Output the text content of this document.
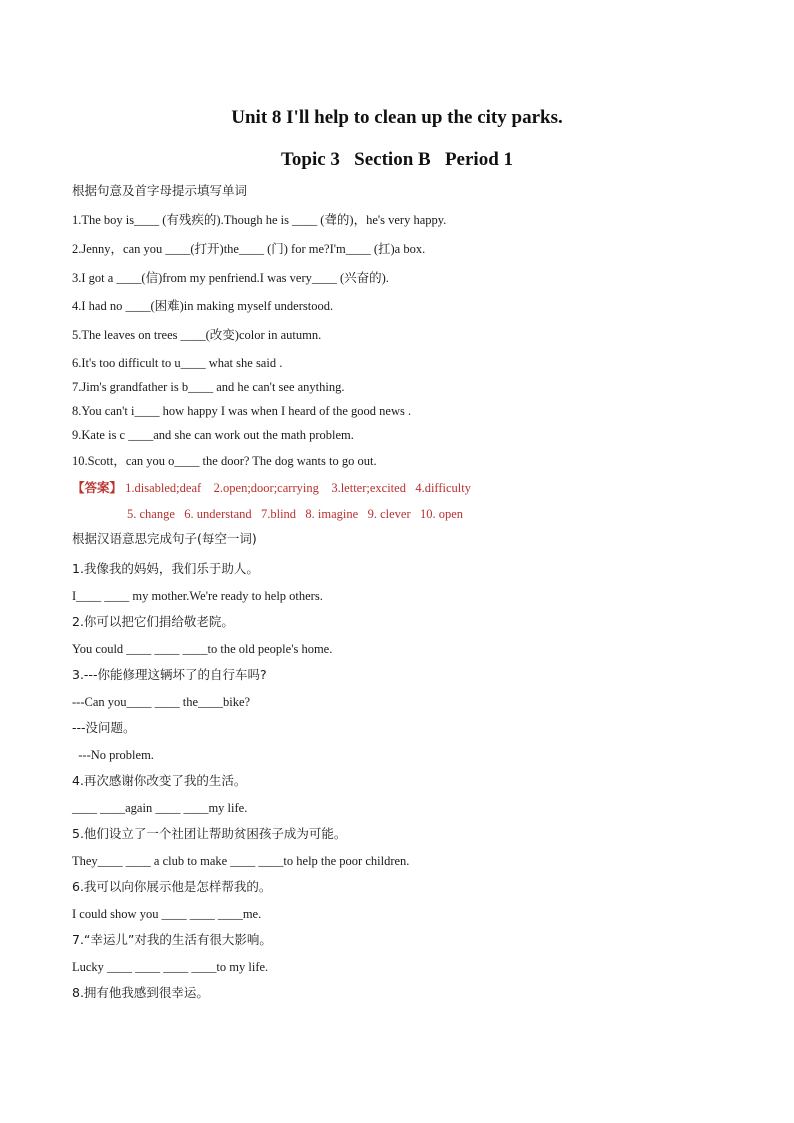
Unit 8 I'll help to clean up the city parks.
Topic 3   Section B   Period 1
根据句意及首字母提示填写单词
1.The boy is____ (有残疾的).Though he is ____ (聋的)，he's very happy.
2.Jenny，can you ____(打开)the____ (门) for me?I'm____ (扛)a box.
3.I got a ____(信)from my penfriend.I was very____ (兴奋的).
4.I had no ____(困难)in making myself understood.
5.The leaves on trees ____(改变)color in autumn.
6.It's too difficult to u____ what she said .
7.Jim's grandfather is b____ and he can't see anything.
8.You can't i____ how happy I was when I heard of the good news .
9.Kate is c ____and she can work out the math problem.
10.Scott，can you o____ the door? The dog wants to go out.
【答案】 1.disabled;deaf    2.open;door;carrying    3.letter;excited   4.difficulty
5. change   6. understand   7.blind   8. imagine   9. clever   10. open
根据汉语意思完成句子(每空一词)
1.我像我的妈妈，我们乐于助人。
I____ ____ my mother.We're ready to help others.
2.你可以把它们捐给敬老院。
You could ____ ____ ____to the old people's home.
3.---你能修理这辆坏了的自行车吗?
---Can you____ ____ the____bike?
---没问题。
---No problem.
4.再次感谢你改变了我的生活。
____ ____again ____ ____my life.
5.他们设立了一个社团让帮助贫困孩子成为可能。
They____ ____ a club to make ____ ____to help the poor children.
6.我可以向你展示他是怎样帮我的。
I could show you ____ ____ ____me.
7.“幸运儿”对我的生活有很大影响。
Lucky ____ ____ ____ ____to my life.
8.拥有他我感到很幸运。
